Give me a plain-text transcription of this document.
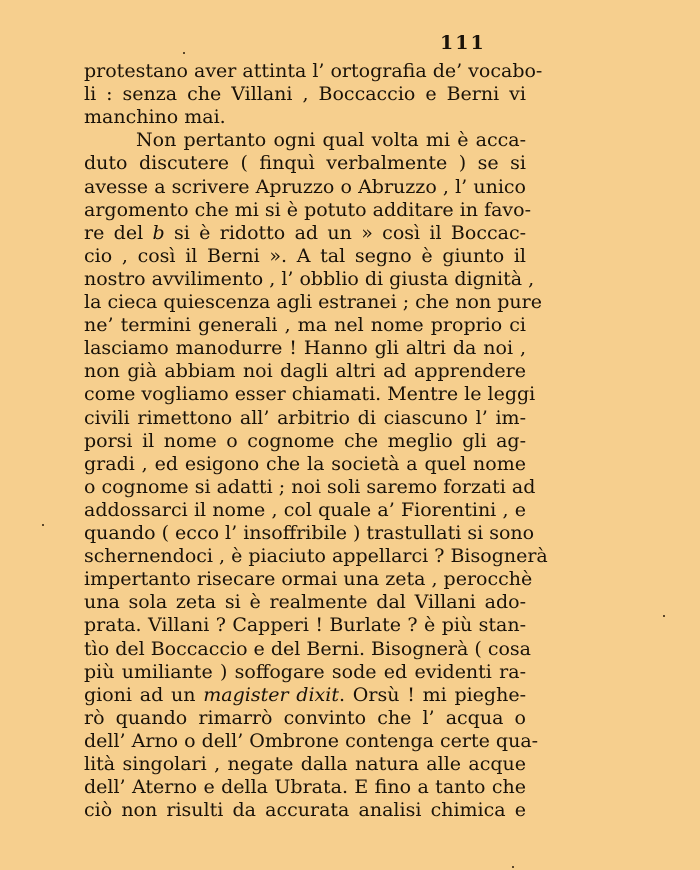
111
protestano aver attinta l’ ortografia de’ vocabo-
li : senza che Villani , Boccaccio e Berni vi
manchino mai.
Non pertanto ogni qual volta mi è acca-
duto discutere ( finquì verbalmente ) se si
avesse a scrivere Apruzzo o Abruzzo , l’ unico
argomento che mi si è potuto additare in favo-
re del b si è ridotto ad un » così il Boccac-
cio , così il Berni ». A tal segno è giunto il
nostro avvilimento , l’ obblio di giusta dignità ,
la cieca quiescenza agli estranei ; che non pure
ne’ termini generali , ma nel nome proprio ci
lasciamo manodurre ! Hanno gli altri da noi ,
non già abbiam noi dagli altri ad apprendere
come vogliamo esser chiamati. Mentre le leggi
civili rimettono all’ arbitrio di ciascuno l’ im-
porsi il nome o cognome che meglio gli ag-
gradi , ed esigono che la società a quel nome
o cognome si adatti ; noi soli saremo forzati ad
addossarci il nome , col quale a’ Fiorentini , e
quando ( ecco l’ insoffribile ) trastullati si sono
schernendoci , è piaciuto appellarci ? Bisognerà
impertanto risecare ormai una zeta , perocchè
una sola zeta si è realmente dal Villani ado-
prata. Villani ? Capperi ! Burlate ? è più stan-
tìo del Boccaccio e del Berni. Bisognerà ( cosa
più umiliante ) soffogare sode ed evidenti ra-
gioni ad un magister dixit. Orsù ! mi pieghe-
rò quando rimarrò convinto che l’ acqua o
dell’ Arno o dell’ Ombrone contenga certe qua-
lità singolari , negate dalla natura alle acque
dell’ Aterno e della Ubrata. E fino a tanto che
ciò non risulti da accurata analisi chimica e
